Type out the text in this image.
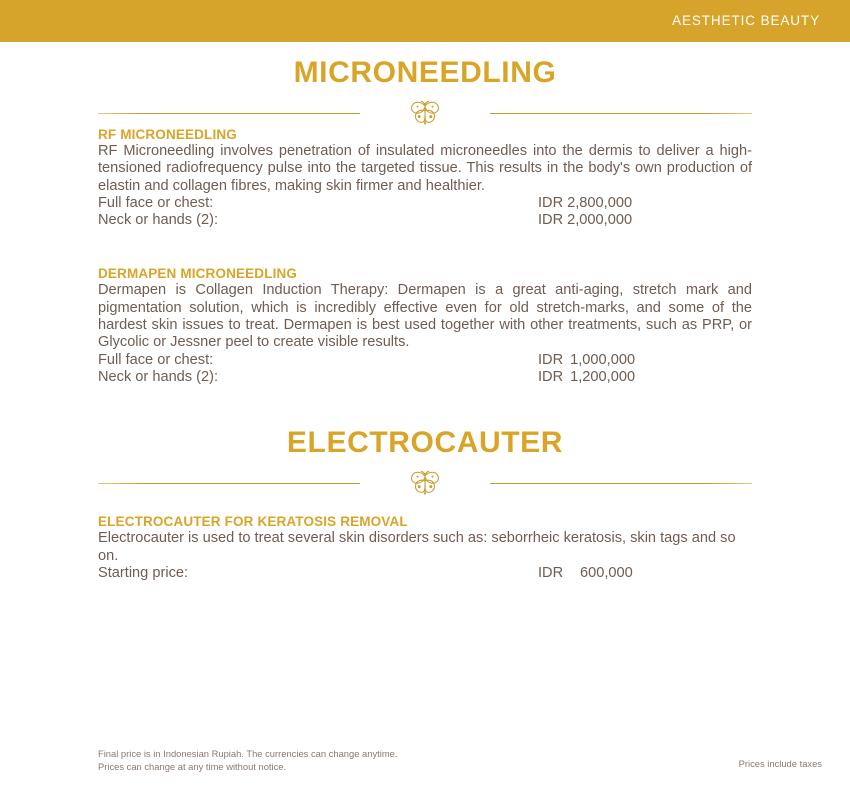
AESTHETIC BEAUTY
MICRONEEDLING
RF MICRONEEDLING
RF Microneedling involves penetration of insulated microneedles into the dermis to deliver a high-tensioned radiofrequency pulse into the targeted tissue. This results in the body's own production of elastin and collagen fibres, making skin firmer and healthier.
Full face or chest:	IDR 2,800,000
Neck or hands (2):	IDR 2,000,000
DERMAPEN MICRONEEDLING
Dermapen is Collagen Induction Therapy: Dermapen is a great anti-aging, stretch mark and pigmentation solution, which is incredibly effective even for old stretch-marks, and some of the hardest skin issues to treat. Dermapen is best used together with other treatments, such as PRP, or Glycolic or Jessner peel to create visible results.
Full face or chest:	IDR 1,000,000
Neck or hands (2):	IDR 1,200,000
ELECTROCAUTER
ELECTROCAUTER FOR KERATOSIS REMOVAL
Electrocauter is used to treat several skin disorders such as: seborrheic keratosis, skin tags and so on.
Starting price:	IDR 600,000
Final price is in Indonesian Rupiah. The currencies can change anytime.
Prices can change at any time without notice.	Prices include taxes
